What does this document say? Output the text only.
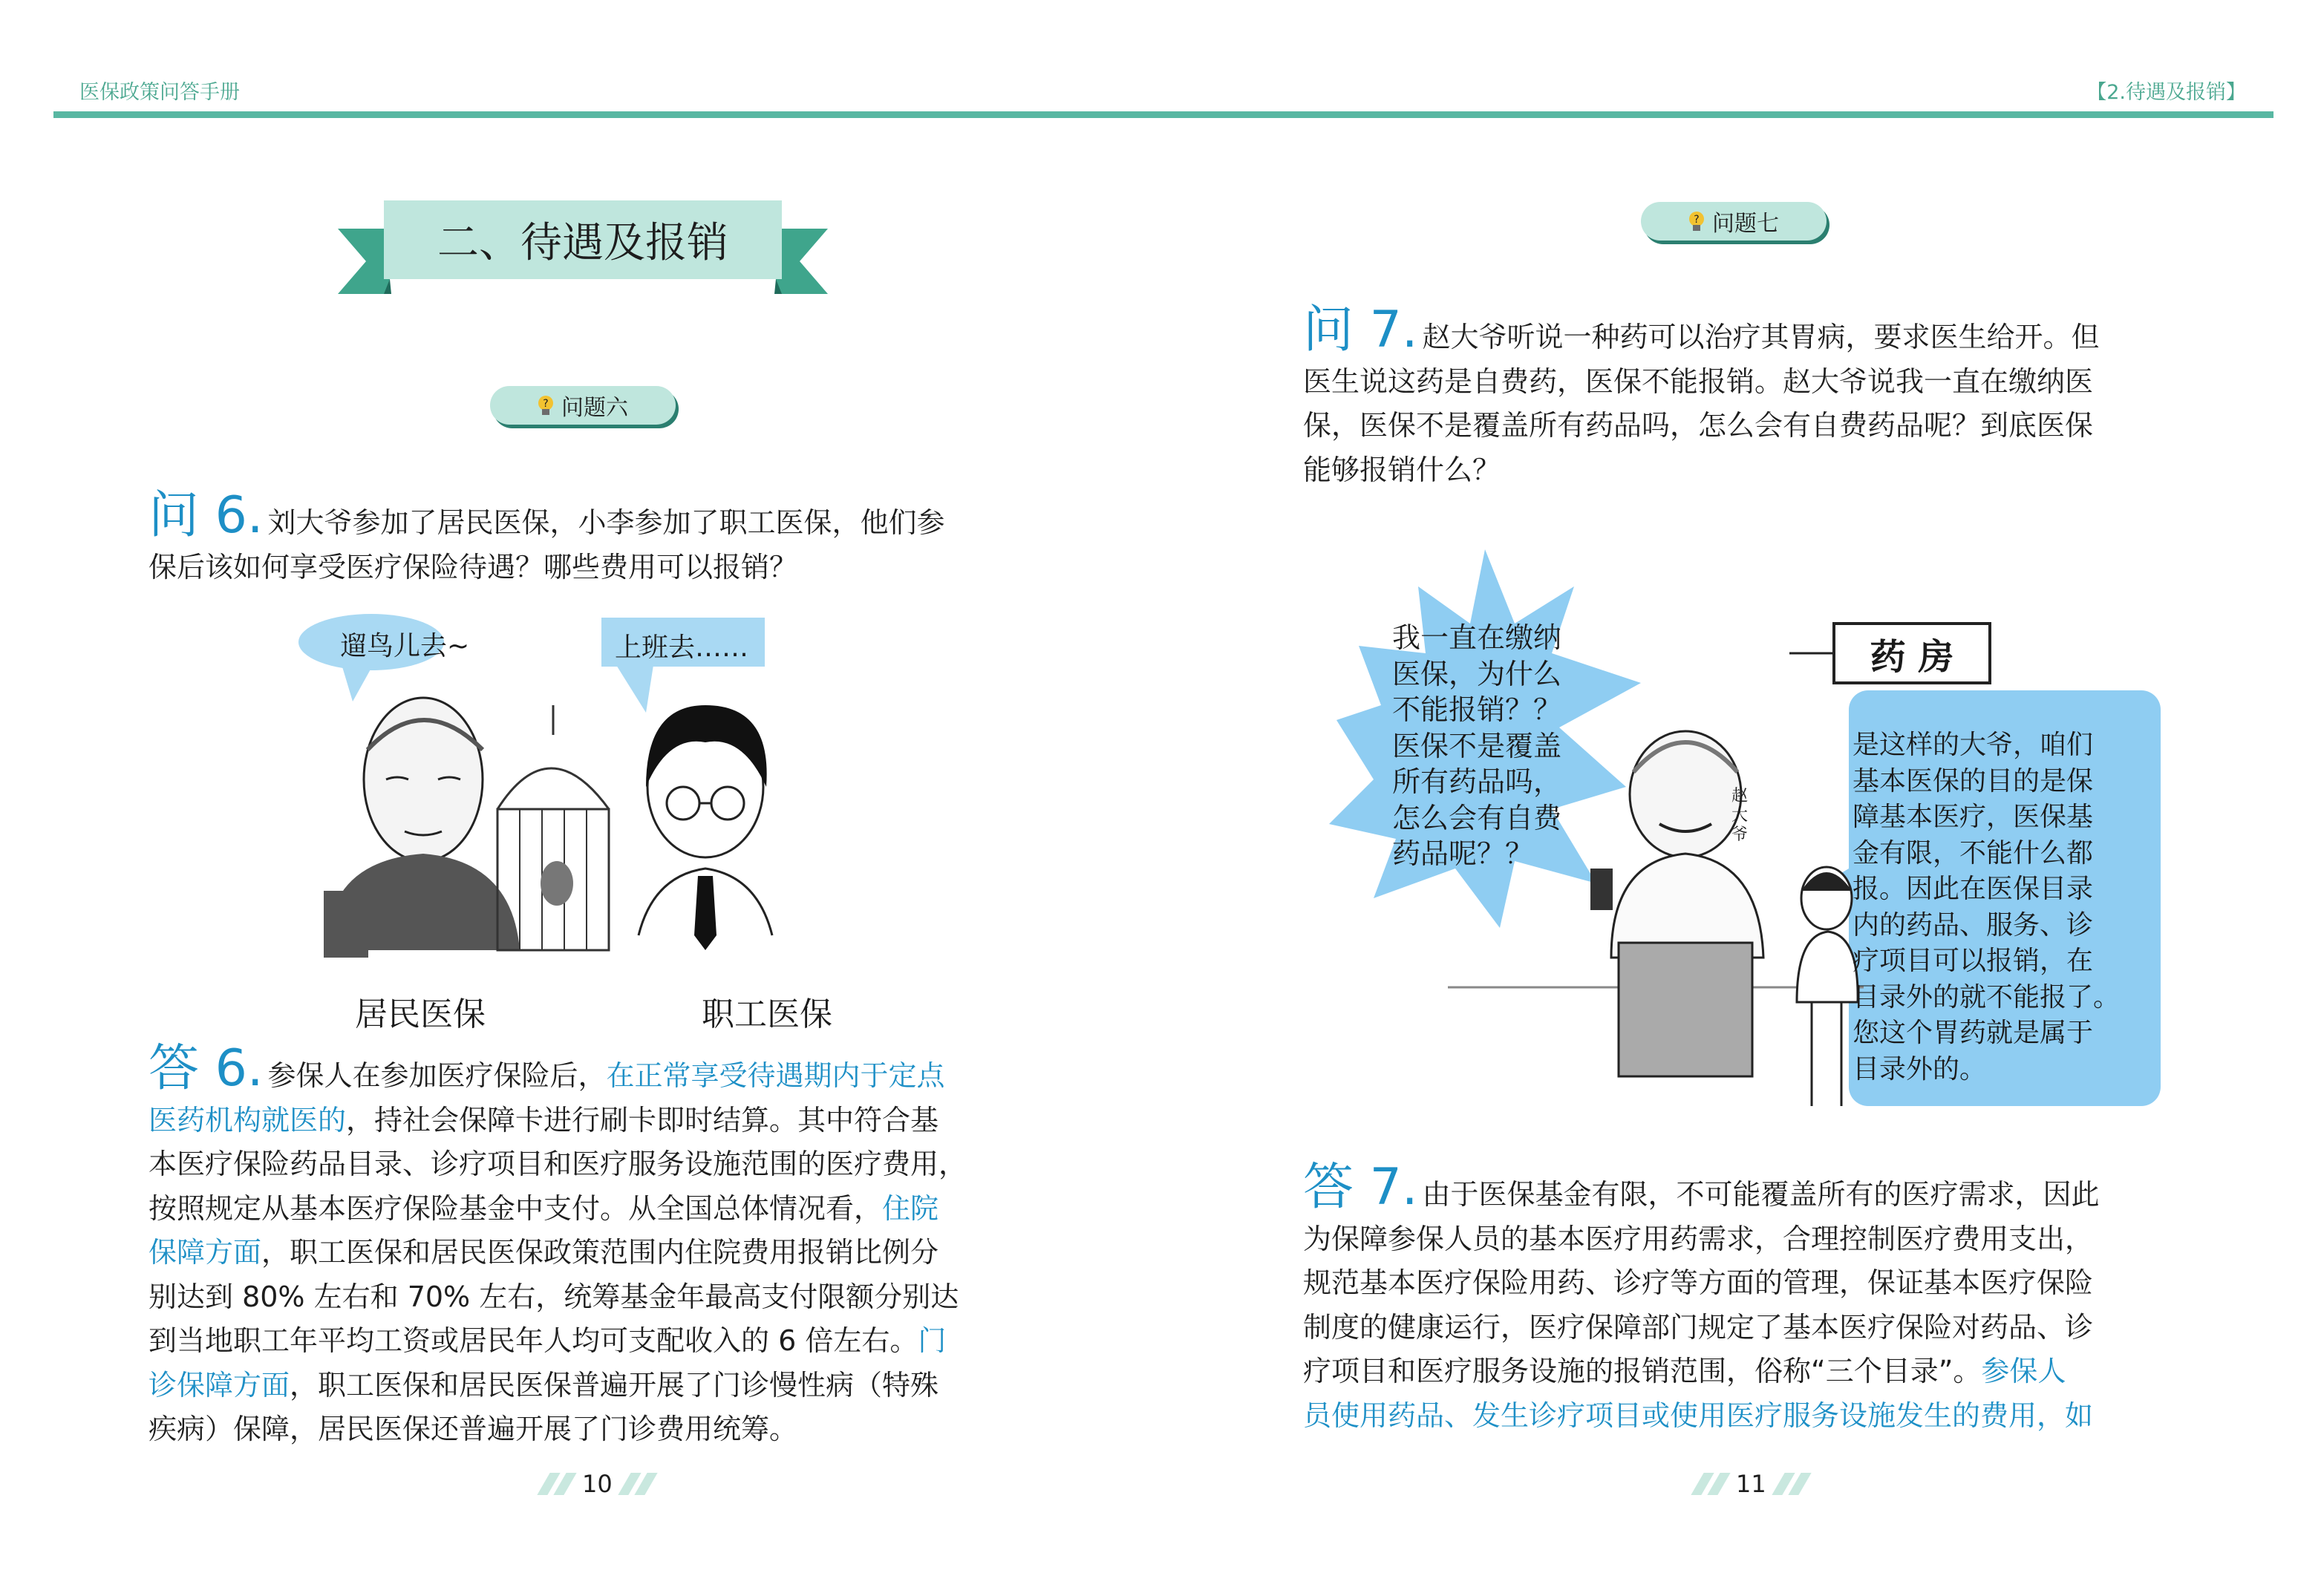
医保政策问答手册	【2.待遇及报销】
二、待遇及报销
? 问题六
问 6. 刘大爷参加了居民医保，小李参加了职工医保，他们参
保后该如何享受医疗保险待遇？哪些费用可以报销？
遛鸟儿去~	上班去……
居民医保	职工医保
答 6. 参保人在参加医疗保险后，在正常享受待遇期内于定点
医药机构就医的，持社会保障卡进行刷卡即时结算。其中符合基
本医疗保险药品目录、诊疗项目和医疗服务设施范围的医疗费用，
按照规定从基本医疗保险基金中支付。从全国总体情况看，住院
保障方面，职工医保和居民医保政策范围内住院费用报销比例分
别达到 80% 左右和 70% 左右，统筹基金年最高支付限额分别达
到当地职工年平均工资或居民年人均可支配收入的 6 倍左右。门
诊保障方面，职工医保和居民医保普遍开展了门诊慢性病（特殊
疾病）保障，居民医保还普遍开展了门诊费用统筹。
10
? 问题七
问 7. 赵大爷听说一种药可以治疗其胃病，要求医生给开。但
医生说这药是自费药，医保不能报销。赵大爷说我一直在缴纳医
保，医保不是覆盖所有药品吗，怎么会有自费药品呢？到底医保
能够报销什么？
我一直在缴纳
医保，为什么
不能报销？？
医保不是覆盖
所有药品吗，
怎么会有自费
药品呢？？
药 房
赵
大
爷
是这样的大爷，咱们
基本医保的目的是保
障基本医疗，医保基
金有限，不能什么都
报。因此在医保目录
内的药品、服务、诊
疗项目可以报销，在
目录外的就不能报了。
您这个胃药就是属于
目录外的。
答 7. 由于医保基金有限，不可能覆盖所有的医疗需求，因此
为保障参保人员的基本医疗用药需求，合理控制医疗费用支出，
规范基本医疗保险用药、诊疗等方面的管理，保证基本医疗保险
制度的健康运行，医疗保障部门规定了基本医疗保险对药品、诊
疗项目和医疗服务设施的报销范围，俗称“三个目录”。参保人
员使用药品、发生诊疗项目或使用医疗服务设施发生的费用，如
11
